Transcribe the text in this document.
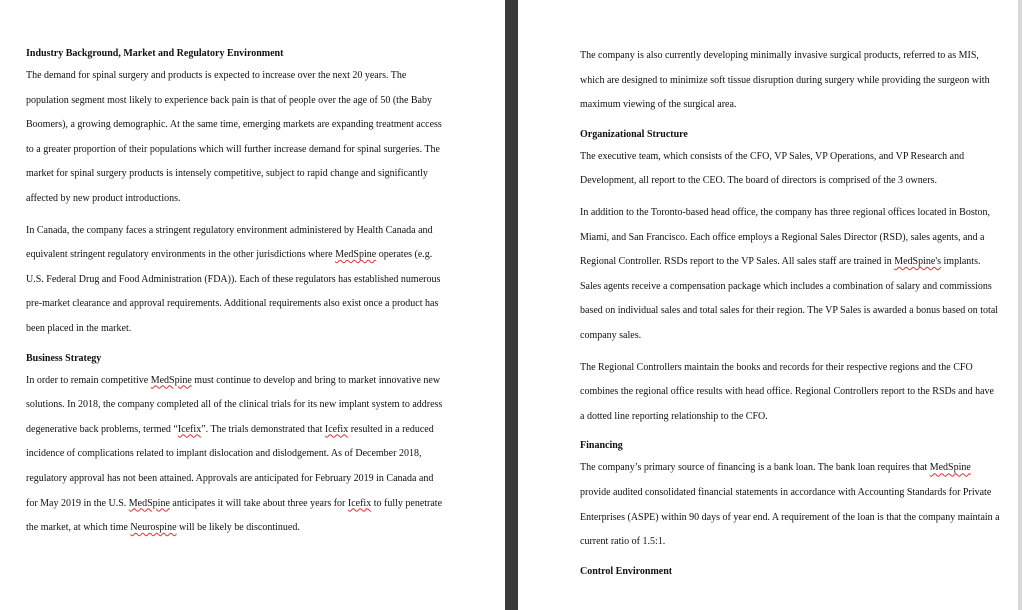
Industry Background, Market and Regulatory Environment

The demand for spinal surgery and products is expected to increase over the next 20 years. The population segment most likely to experience back pain is that of people over the age of 50 (the Baby Boomers), a growing demographic. At the same time, emerging markets are expanding treatment access to a greater proportion of their populations which will further increase demand for spinal surgeries. The market for spinal surgery products is intensely competitive, subject to rapid change and significantly affected by new product introductions.

In Canada, the company faces a stringent regulatory environment administered by Health Canada and equivalent stringent regulatory environments in the other jurisdictions where MedSpine operates (e.g. U.S. Federal Drug and Food Administration (FDA)). Each of these regulators has established numerous pre-market clearance and approval requirements. Additional requirements also exist once a product has been placed in the market.

Business Strategy

In order to remain competitive MedSpine must continue to develop and bring to market innovative new solutions. In 2018, the company completed all of the clinical trials for its new implant system to address degenerative back problems, termed “Icefix”. The trials demonstrated that Icefix resulted in a reduced incidence of complications related to implant dislocation and dislodgement. As of December 2018, regulatory approval has not been attained. Approvals are anticipated for February 2019 in Canada and for May 2019 in the U.S. MedSpine anticipates it will take about three years for Icefix to fully penetrate the market, at which time Neurospine will be likely be discontinued.

The company is also currently developing minimally invasive surgical products, referred to as MIS, which are designed to minimize soft tissue disruption during surgery while providing the surgeon with maximum viewing of the surgical area.

Organizational Structure

The executive team, which consists of the CFO, VP Sales, VP Operations, and VP Research and Development, all report to the CEO. The board of directors is comprised of the 3 owners.

In addition to the Toronto-based head office, the company has three regional offices located in Boston, Miami, and San Francisco. Each office employs a Regional Sales Director (RSD), sales agents, and a Regional Controller. RSDs report to the VP Sales. All sales staff are trained in MedSpine's implants. Sales agents receive a compensation package which includes a combination of salary and commissions based on individual sales and total sales for their region. The VP Sales is awarded a bonus based on total company sales.

The Regional Controllers maintain the books and records for their respective regions and the CFO combines the regional office results with head office. Regional Controllers report to the RSDs and have a dotted line reporting relationship to the CFO.

Financing

The company’s primary source of financing is a bank loan. The bank loan requires that MedSpine provide audited consolidated financial statements in accordance with Accounting Standards for Private Enterprises (ASPE) within 90 days of year end. A requirement of the loan is that the company maintain a current ratio of 1.5:1.

Control Environment
